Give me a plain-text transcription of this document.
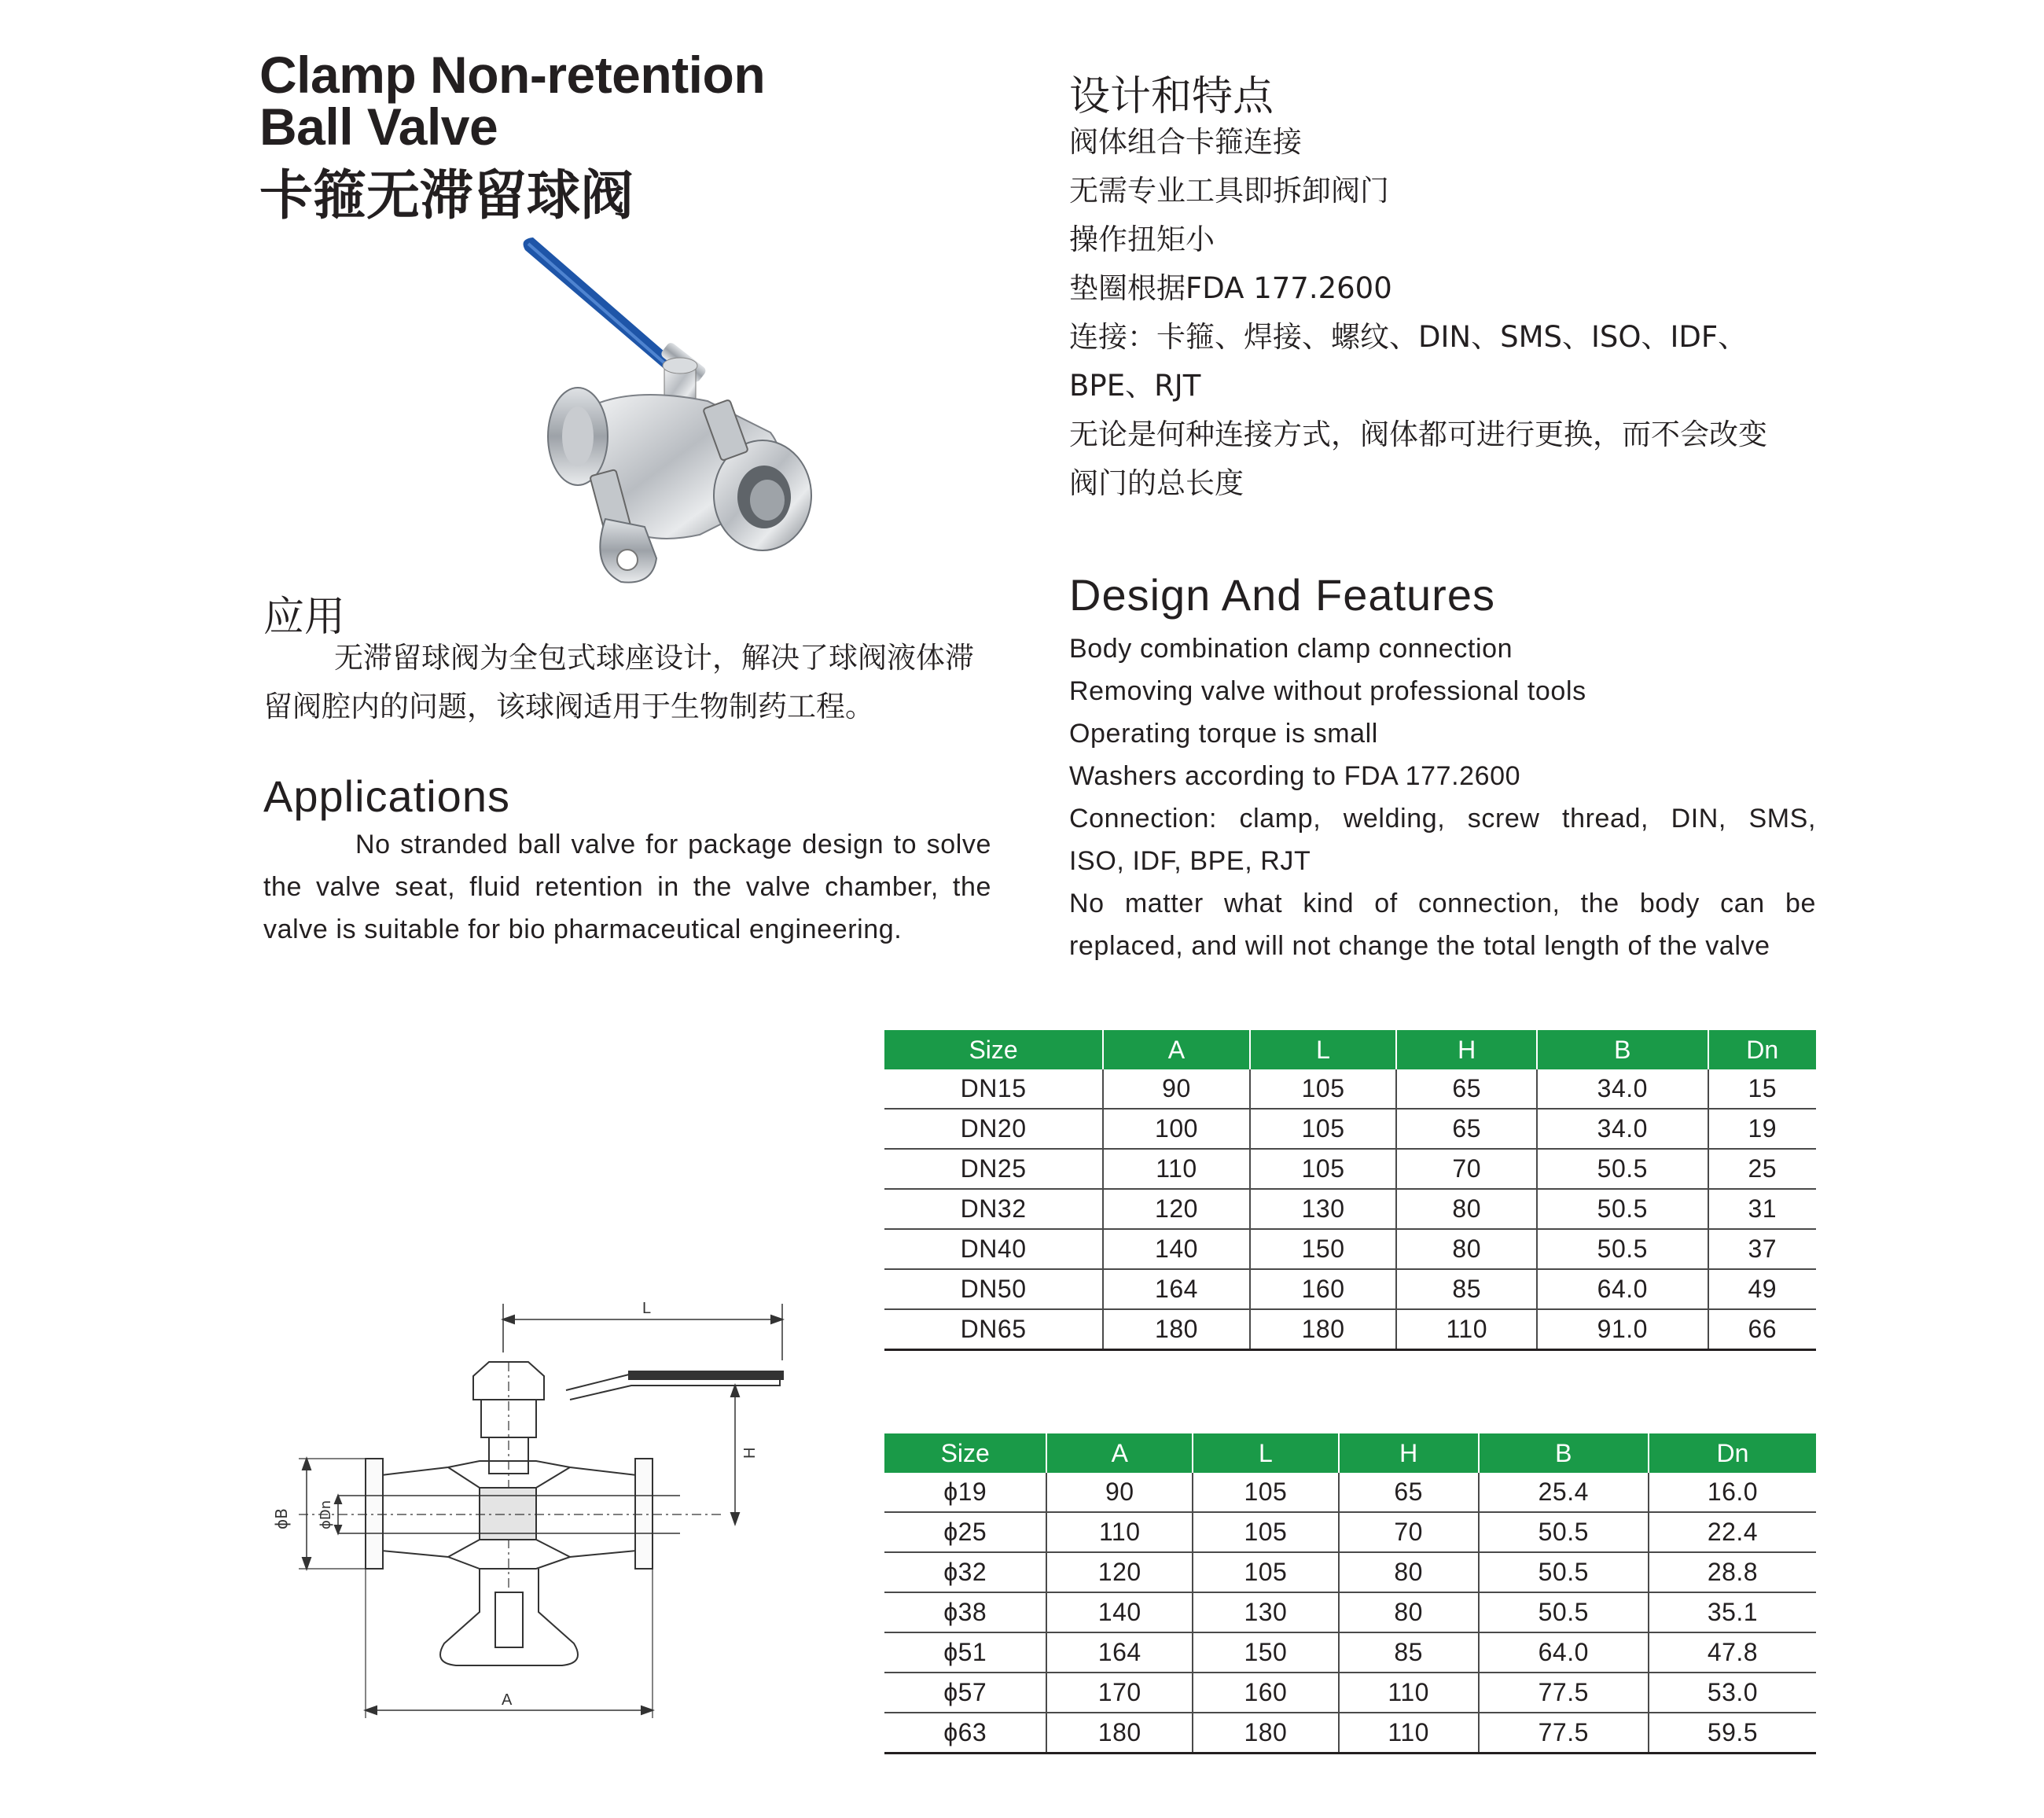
Clamp Non-retention
Ball Valve
卡箍无滞留球阀
应用
无滞留球阀为全包式球座设计，解决了球阀液体滞留阀腔内的问题，该球阀适用于生物制药工程。
Applications
No stranded ball valve for package design to solve the valve seat, fluid retention in the valve chamber, the valve is suitable for bio pharmaceutical engineering.
设计和特点
阀体组合卡箍连接
无需专业工具即拆卸阀门
操作扭矩小
垫圈根据FDA 177.2600
连接：卡箍、焊接、螺纹、DIN、SMS、ISO、IDF、
BPE、RJT
无论是何种连接方式，阀体都可进行更换，而不会改变
阀门的总长度
Design And Features
Body combination clamp connection
Removing valve without professional tools
Operating torque is small
Washers according to FDA 177.2600
Connection: clamp, welding, screw thread, DIN, SMS,
ISO, IDF, BPE, RJT
No matter what kind of connection, the body can be
replaced, and will not change the total length of the valve
L
H
A
ϕB ϕDn
Size	A	L	H	B	Dn
DN15	90	105	65	34.0	15
DN20	100	105	65	34.0	19
DN25	110	105	70	50.5	25
DN32	120	130	80	50.5	31
DN40	140	150	80	50.5	37
DN50	164	160	85	64.0	49
DN65	180	180	110	91.0	66
Size	A	L	H	B	Dn
ϕ19	90	105	65	25.4	16.0
ϕ25	110	105	70	50.5	22.4
ϕ32	120	105	80	50.5	28.8
ϕ38	140	130	80	50.5	35.1
ϕ51	164	150	85	64.0	47.8
ϕ57	170	160	110	77.5	53.0
ϕ63	180	180	110	77.5	59.5
